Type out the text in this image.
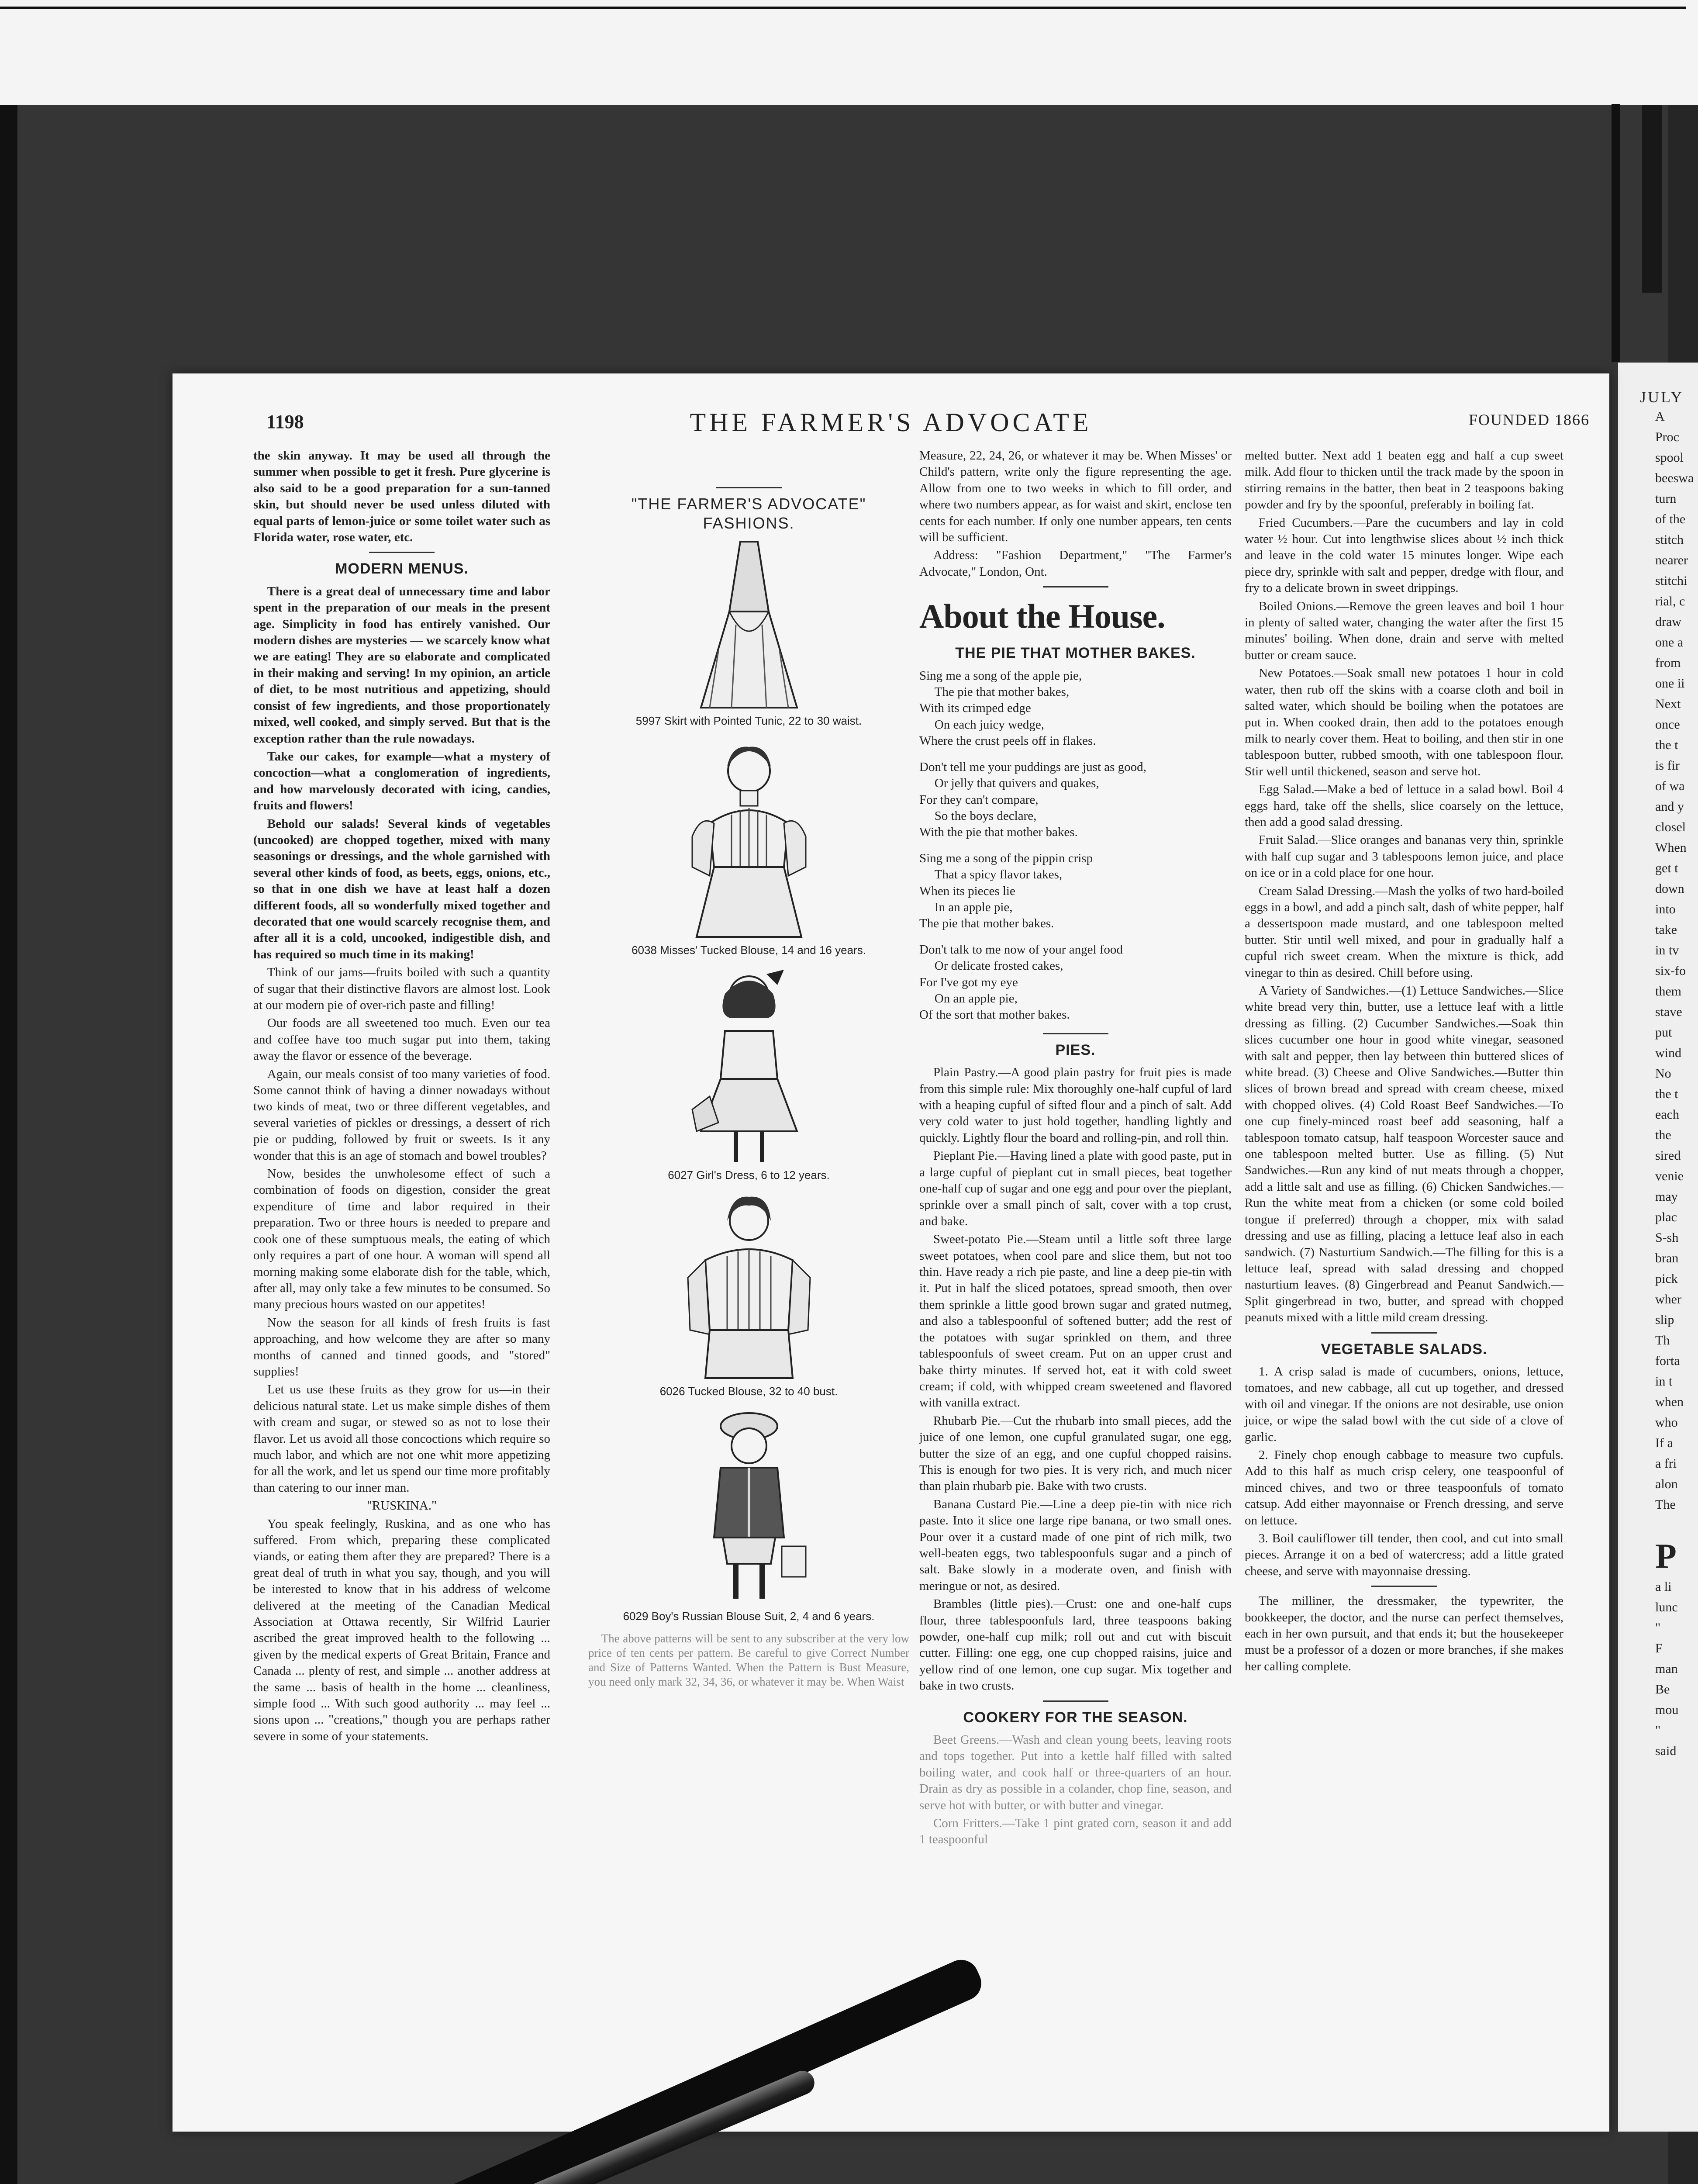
JULY
A
Proc
spool
beeswa
turn
of the
stitch
nearer
stitchi
rial, c
draw
one a
from
one ii
Next
once
the t
is fir
of wa
and y
closel
When
get t
down
into
take
in tv
six-fo
them
stave
put
wind
No
the t
each
the
sired
venie
may
plac
S-sh
bran
pick
wher
slip
Th
forta
in t
when
who
If a
a fri
alon
The
P
a li
lunc
"
F
man
Be
mou
"
said
1198	THE FARMER'S ADVOCATE	FOUNDED 1866

the skin anyway. It may be used all through the summer when possible to get it fresh. Pure glycerine is also said to be a good preparation for a sun-tanned skin, but should never be used unless diluted with equal parts of lemon-juice or some toilet water such as Florida water, rose water, etc.

MODERN MENUS.

There is a great deal of unnecessary time and labor spent in the preparation of our meals in the present age. Simplicity in food has entirely vanished. Our modern dishes are mysteries — we scarcely know what we are eating! They are so elaborate and complicated in their making and serving! In my opinion, an article of diet, to be most nutritious and appetizing, should consist of few ingredients, and those proportionately mixed, well cooked, and simply served. But that is the exception rather than the rule nowadays.

Take our cakes, for example—what a mystery of concoction—what a conglomeration of ingredients, and how marvelously decorated with icing, candies, fruits and flowers!

Behold our salads! Several kinds of vegetables (uncooked) are chopped together, mixed with many seasonings or dressings, and the whole garnished with several other kinds of food, as beets, eggs, onions, etc., so that in one dish we have at least half a dozen different foods, all so wonderfully mixed together and decorated that one would scarcely recognise them, and after all it is a cold, uncooked, indigestible dish, and has required so much time in its making!

Think of our jams—fruits boiled with such a quantity of sugar that their distinctive flavors are almost lost. Look at our modern pie of over-rich paste and filling!

Our foods are all sweetened too much. Even our tea and coffee have too much sugar put into them, taking away the flavor or essence of the beverage.

Again, our meals consist of too many varieties of food. Some cannot think of having a dinner nowadays without two kinds of meat, two or three different vegetables, and several varieties of pickles or dressings, a dessert of rich pie or pudding, followed by fruit or sweets. Is it any wonder that this is an age of stomach and bowel troubles?

Now, besides the unwholesome effect of such a combination of foods on digestion, consider the great expenditure of time and labor required in their preparation. Two or three hours is needed to prepare and cook one of these sumptuous meals, the eating of which only requires a part of one hour. A woman will spend all morning making some elaborate dish for the table, which, after all, may only take a few minutes to be consumed. So many precious hours wasted on our appetites!

Now the season for all kinds of fresh fruits is fast approaching, and how welcome they are after so many months of canned and tinned goods, and "stored" supplies!

Let us use these fruits as they grow for us—in their delicious natural state. Let us make simple dishes of them with cream and sugar, or stewed so as not to lose their flavor. Let us avoid all those concoctions which require so much labor, and which are not one whit more appetizing for all the work, and let us spend our time more profitably than catering to our inner man.

"RUSKINA."

You speak feelingly, Ruskina, and as one who has suffered. From which, preparing these complicated viands, or eating them after they are prepared? There is a great deal of truth in what you say, though, and you will be interested to know that in his address of welcome delivered at the meeting of the Canadian Medical Association at Ottawa recently, Sir Wilfrid Laurier ascribed the great improved health to the following ... given by the medical experts of Great Britain, France and Canada ... plenty of rest, and simple ... another address at the same ... basis of health in the home ... cleanliness, simple food ... With such good authority ... may feel ... sions upon ... "creations," though you are perhaps rather severe in some of your statements.

"THE FARMER'S ADVOCATE" FASHIONS.
5997 Skirt with Pointed Tunic, 22 to 30 waist.
6038 Misses' Tucked Blouse, 14 and 16 years.
6027 Girl's Dress, 6 to 12 years.
6026 Tucked Blouse, 32 to 40 bust.
6029 Boy's Russian Blouse Suit, 2, 4 and 6 years.

The above patterns will be sent to any subscriber at the very low price of ten cents per pattern. Be careful to give Correct Number and Size of Patterns Wanted. When the Pattern is Bust Measure, you need only mark 32, 34, 36, or whatever it may be. When Waist

Measure, 22, 24, 26, or whatever it may be. When Misses' or Child's pattern, write only the figure representing the age. Allow from one to two weeks in which to fill order, and where two numbers appear, as for waist and skirt, enclose ten cents for each number. If only one number appears, ten cents will be sufficient.

Address: "Fashion Department," "The Farmer's Advocate," London, Ont.

About the House.
THE PIE THAT MOTHER BAKES.

Sing me a song of the apple pie,

The pie that mother bakes,

With its crimped edge

On each juicy wedge,

Where the crust peels off in flakes.

Don't tell me your puddings are just as good,

Or jelly that quivers and quakes,

For they can't compare,

So the boys declare,

With the pie that mother bakes.

Sing me a song of the pippin crisp

That a spicy flavor takes,

When its pieces lie

In an apple pie,

The pie that mother bakes.

Don't talk to me now of your angel food

Or delicate frosted cakes,

For I've got my eye

On an apple pie,

Of the sort that mother bakes.

PIES.

Plain Pastry.—A good plain pastry for fruit pies is made from this simple rule: Mix thoroughly one-half cupful of lard with a heaping cupful of sifted flour and a pinch of salt. Add very cold water to just hold together, handling lightly and quickly. Lightly flour the board and rolling-pin, and roll thin.

Pieplant Pie.—Having lined a plate with good paste, put in a large cupful of pieplant cut in small pieces, beat together one-half cup of sugar and one egg and pour over the pieplant, sprinkle over a small pinch of salt, cover with a top crust, and bake.

Sweet-potato Pie.—Steam until a little soft three large sweet potatoes, when cool pare and slice them, but not too thin. Have ready a rich pie paste, and line a deep pie-tin with it. Put in half the sliced potatoes, spread smooth, then over them sprinkle a little good brown sugar and grated nutmeg, and also a tablespoonful of softened butter; add the rest of the potatoes with sugar sprinkled on them, and three tablespoonfuls of sweet cream. Put on an upper crust and bake thirty minutes. If served hot, eat it with cold sweet cream; if cold, with whipped cream sweetened and flavored with vanilla extract.

Rhubarb Pie.—Cut the rhubarb into small pieces, add the juice of one lemon, one cupful granulated sugar, one egg, butter the size of an egg, and one cupful chopped raisins. This is enough for two pies. It is very rich, and much nicer than plain rhubarb pie. Bake with two crusts.

Banana Custard Pie.—Line a deep pie-tin with nice rich paste. Into it slice one large ripe banana, or two small ones. Pour over it a custard made of one pint of rich milk, two well-beaten eggs, two tablespoonfuls sugar and a pinch of salt. Bake slowly in a moderate oven, and finish with meringue or not, as desired.

Brambles (little pies).—Crust: one and one-half cups flour, three tablespoonfuls lard, three teaspoons baking powder, one-half cup milk; roll out and cut with biscuit cutter. Filling: one egg, one cup chopped raisins, juice and yellow rind of one lemon, one cup sugar. Mix together and bake in two crusts.

COOKERY FOR THE SEASON.

Beet Greens.—Wash and clean young beets, leaving roots and tops together. Put into a kettle half filled with salted boiling water, and cook half or three-quarters of an hour. Drain as dry as possible in a colander, chop fine, season, and serve hot with butter, or with butter and vinegar.

Corn Fritters.—Take 1 pint grated corn, season it and add 1 teaspoonful

melted butter. Next add 1 beaten egg and half a cup sweet milk. Add flour to thicken until the track made by the spoon in stirring remains in the batter, then beat in 2 teaspoons baking powder and fry by the spoonful, preferably in boiling fat.

Fried Cucumbers.—Pare the cucumbers and lay in cold water ½ hour. Cut into lengthwise slices about ½ inch thick and leave in the cold water 15 minutes longer. Wipe each piece dry, sprinkle with salt and pepper, dredge with flour, and fry to a delicate brown in sweet drippings.

Boiled Onions.—Remove the green leaves and boil 1 hour in plenty of salted water, changing the water after the first 15 minutes' boiling. When done, drain and serve with melted butter or cream sauce.

New Potatoes.—Soak small new potatoes 1 hour in cold water, then rub off the skins with a coarse cloth and boil in salted water, which should be boiling when the potatoes are put in. When cooked drain, then add to the potatoes enough milk to nearly cover them. Heat to boiling, and then stir in one tablespoon butter, rubbed smooth, with one tablespoon flour. Stir well until thickened, season and serve hot.

Egg Salad.—Make a bed of lettuce in a salad bowl. Boil 4 eggs hard, take off the shells, slice coarsely on the lettuce, then add a good salad dressing.

Fruit Salad.—Slice oranges and bananas very thin, sprinkle with half cup sugar and 3 tablespoons lemon juice, and place on ice or in a cold place for one hour.

Cream Salad Dressing.—Mash the yolks of two hard-boiled eggs in a bowl, and add a pinch salt, dash of white pepper, half a dessertspoon made mustard, and one tablespoon melted butter. Stir until well mixed, and pour in gradually half a cupful rich sweet cream. When the mixture is thick, add vinegar to thin as desired. Chill before using.

A Variety of Sandwiches.—(1) Lettuce Sandwiches.—Slice white bread very thin, butter, use a lettuce leaf with a little dressing as filling. (2) Cucumber Sandwiches.—Soak thin slices cucumber one hour in good white vinegar, seasoned with salt and pepper, then lay between thin buttered slices of white bread. (3) Cheese and Olive Sandwiches.—Butter thin slices of brown bread and spread with cream cheese, mixed with chopped olives. (4) Cold Roast Beef Sandwiches.—To one cup finely-minced roast beef add seasoning, half a tablespoon tomato catsup, half teaspoon Worcester sauce and one tablespoon melted butter. Use as filling. (5) Nut Sandwiches.—Run any kind of nut meats through a chopper, add a little salt and use as filling. (6) Chicken Sandwiches.—Run the white meat from a chicken (or some cold boiled tongue if preferred) through a chopper, mix with salad dressing and use as filling, placing a lettuce leaf also in each sandwich. (7) Nasturtium Sandwich.—The filling for this is a lettuce leaf, spread with salad dressing and chopped nasturtium leaves. (8) Gingerbread and Peanut Sandwich.—Split gingerbread in two, butter, and spread with chopped peanuts mixed with a little mild cream dressing.

VEGETABLE SALADS.

1. A crisp salad is made of cucumbers, onions, lettuce, tomatoes, and new cabbage, all cut up together, and dressed with oil and vinegar. If the onions are not desirable, use onion juice, or wipe the salad bowl with the cut side of a clove of garlic.

2. Finely chop enough cabbage to measure two cupfuls. Add to this half as much crisp celery, one teaspoonful of minced chives, and two or three teaspoonfuls of tomato catsup. Add either mayonnaise or French dressing, and serve on lettuce.

3. Boil cauliflower till tender, then cool, and cut into small pieces. Arrange it on a bed of watercress; add a little grated cheese, and serve with mayonnaise dressing.

The milliner, the dressmaker, the typewriter, the bookkeeper, the doctor, and the nurse can perfect themselves, each in her own pursuit, and that ends it; but the housekeeper must be a professor of a dozen or more branches, if she makes her calling complete.
